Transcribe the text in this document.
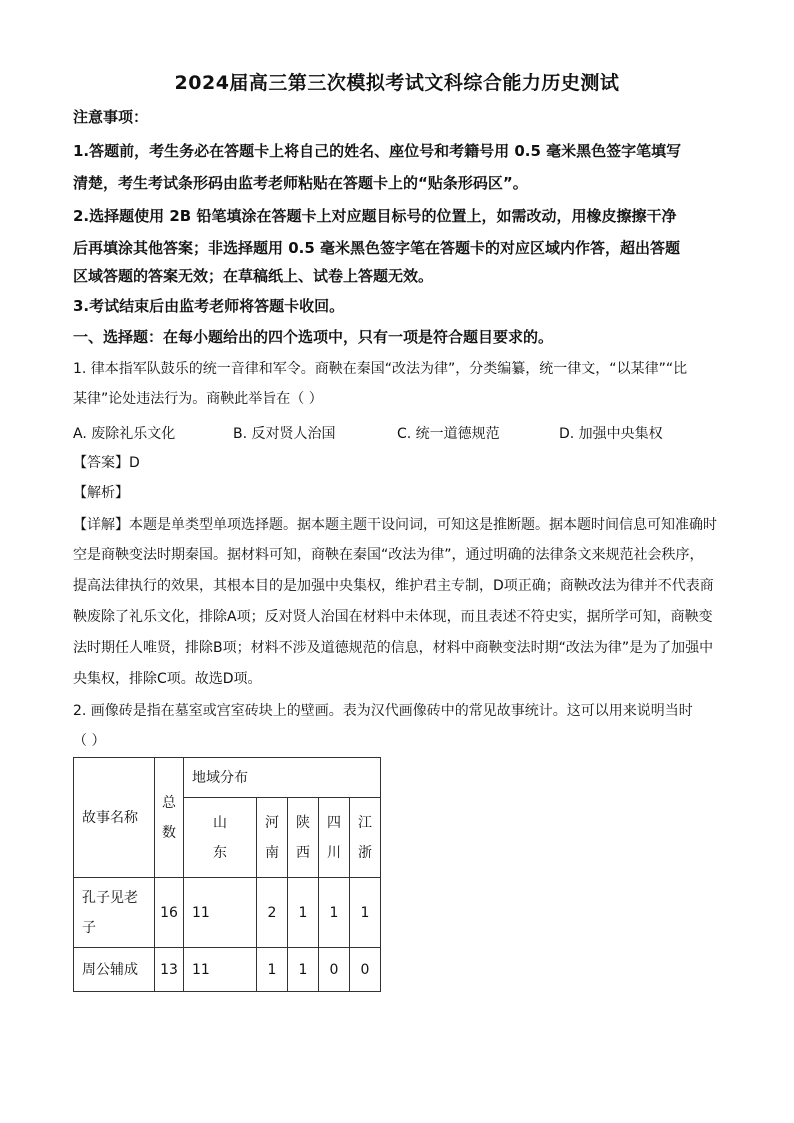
2024届高三第三次模拟考试文科综合能力历史测试
注意事项：
1.答题前，考生务必在答题卡上将自己的姓名、座位号和考籍号用 0.5 毫米黑色签字笔填写
清楚，考生考试条形码由监考老师粘贴在答题卡上的“贴条形码区”。
2.选择题使用 2B 铅笔填涂在答题卡上对应题目标号的位置上，如需改动，用橡皮擦擦干净
后再填涂其他答案；非选择题用 0.5 毫米黑色签字笔在答题卡的对应区域内作答，超出答题
区域答题的答案无效；在草稿纸上、试卷上答题无效。
3.考试结束后由监考老师将答题卡收回。
一、选择题：在每小题给出的四个选项中，只有一项是符合题目要求的。
1. 律本指军队鼓乐的统一音律和军令。商鞅在秦国“改法为律”，分类编纂，统一律文，“以某律”“比
某律”论处违法行为。商鞅此举旨在（ ）
A. 废除礼乐文化	B. 反对贤人治国	C. 统一道德规范	D. 加强中央集权
【答案】D
【解析】
【详解】本题是单类型单项选择题。据本题主题干设问词，可知这是推断题。据本题时间信息可知准确时
空是商鞅变法时期秦国。据材料可知，商鞅在秦国“改法为律”，通过明确的法律条文来规范社会秩序，
提高法律执行的效果，其根本目的是加强中央集权，维护君主专制，D项正确；商鞅改法为律并不代表商
鞅废除了礼乐文化，排除A项；反对贤人治国在材料中未体现，而且表述不符史实，据所学可知，商鞅变
法时期任人唯贤，排除B项；材料不涉及道德规范的信息，材料中商鞅变法时期“改法为律”是为了加强中
央集权，排除C项。故选D项。
2. 画像砖是指在墓室或宫室砖块上的壁画。表为汉代画像砖中的常见故事统计。这可以用来说明当时
（ ）
故事名称	总数	地域分布				
		山东	河南	陕西	四川	江浙
孔子见老子	16	11	2	1	1	1
周公辅成	13	11	1	1	0	0
